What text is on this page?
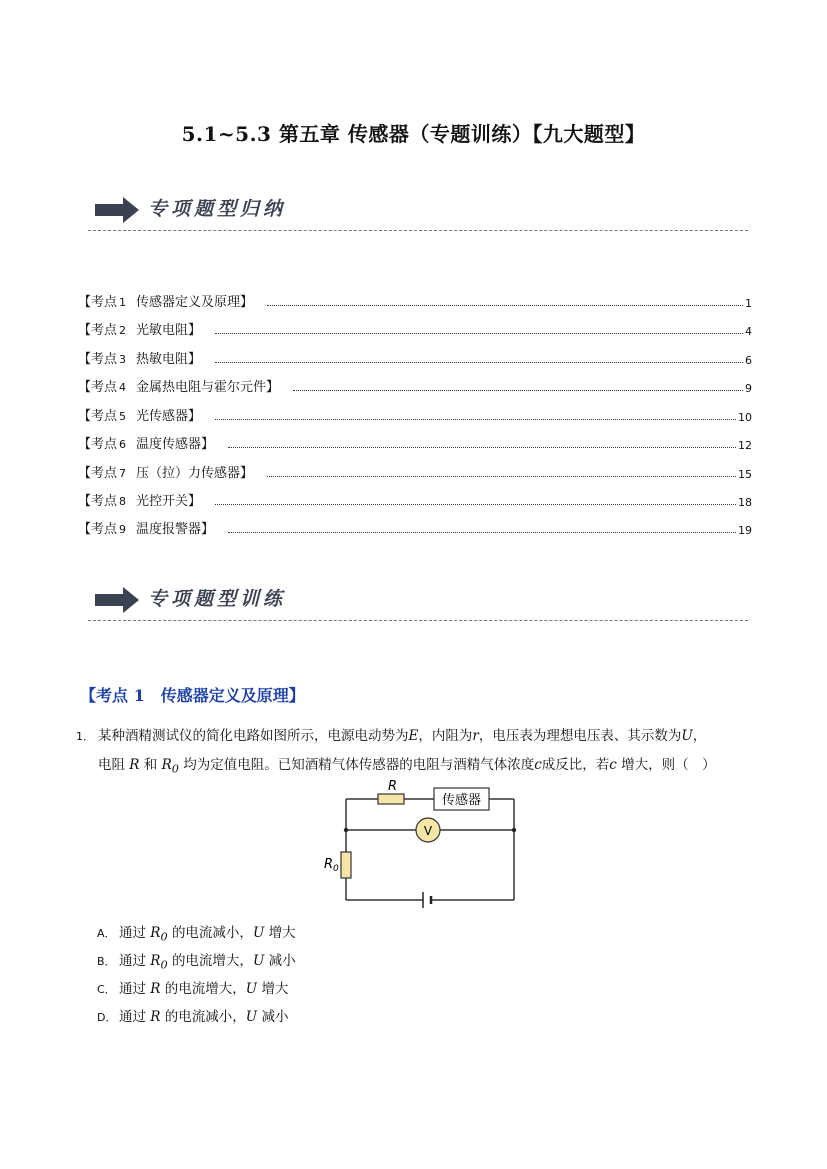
5.1~5.3 第五章 传感器（专题训练）【九大题型】
专项题型归纳
【考点 1 传感器定义及原理】	1
【考点 2 光敏电阻】	4
【考点 3 热敏电阻】	6
【考点 4 金属热电阻与霍尔元件】	9
【考点 5 光传感器】	10
【考点 6 温度传感器】	12
【考点 7 压（拉）力传感器】	15
【考点 8 光控开关】	18
【考点 9 温度报警器】	19
专项题型训练
【考点 1　传感器定义及原理】
1． 某种酒精测试仪的简化电路如图所示，电源电动势为E，内阻为r，电压表为理想电压表、其示数为U，
电阻 R 和 $R_0$ 均为定值电阻。已知酒精气体传感器的电阻与酒精气体浓度c成反比，若c 增大，则（　）
R
传感器
V
$R_0$
A． 通过 $R_0$ 的电流减小，U 增大
B． 通过 $R_0$ 的电流增大，U 减小
C． 通过 R 的电流增大，U 增大
D． 通过 R 的电流减小，U 减小
